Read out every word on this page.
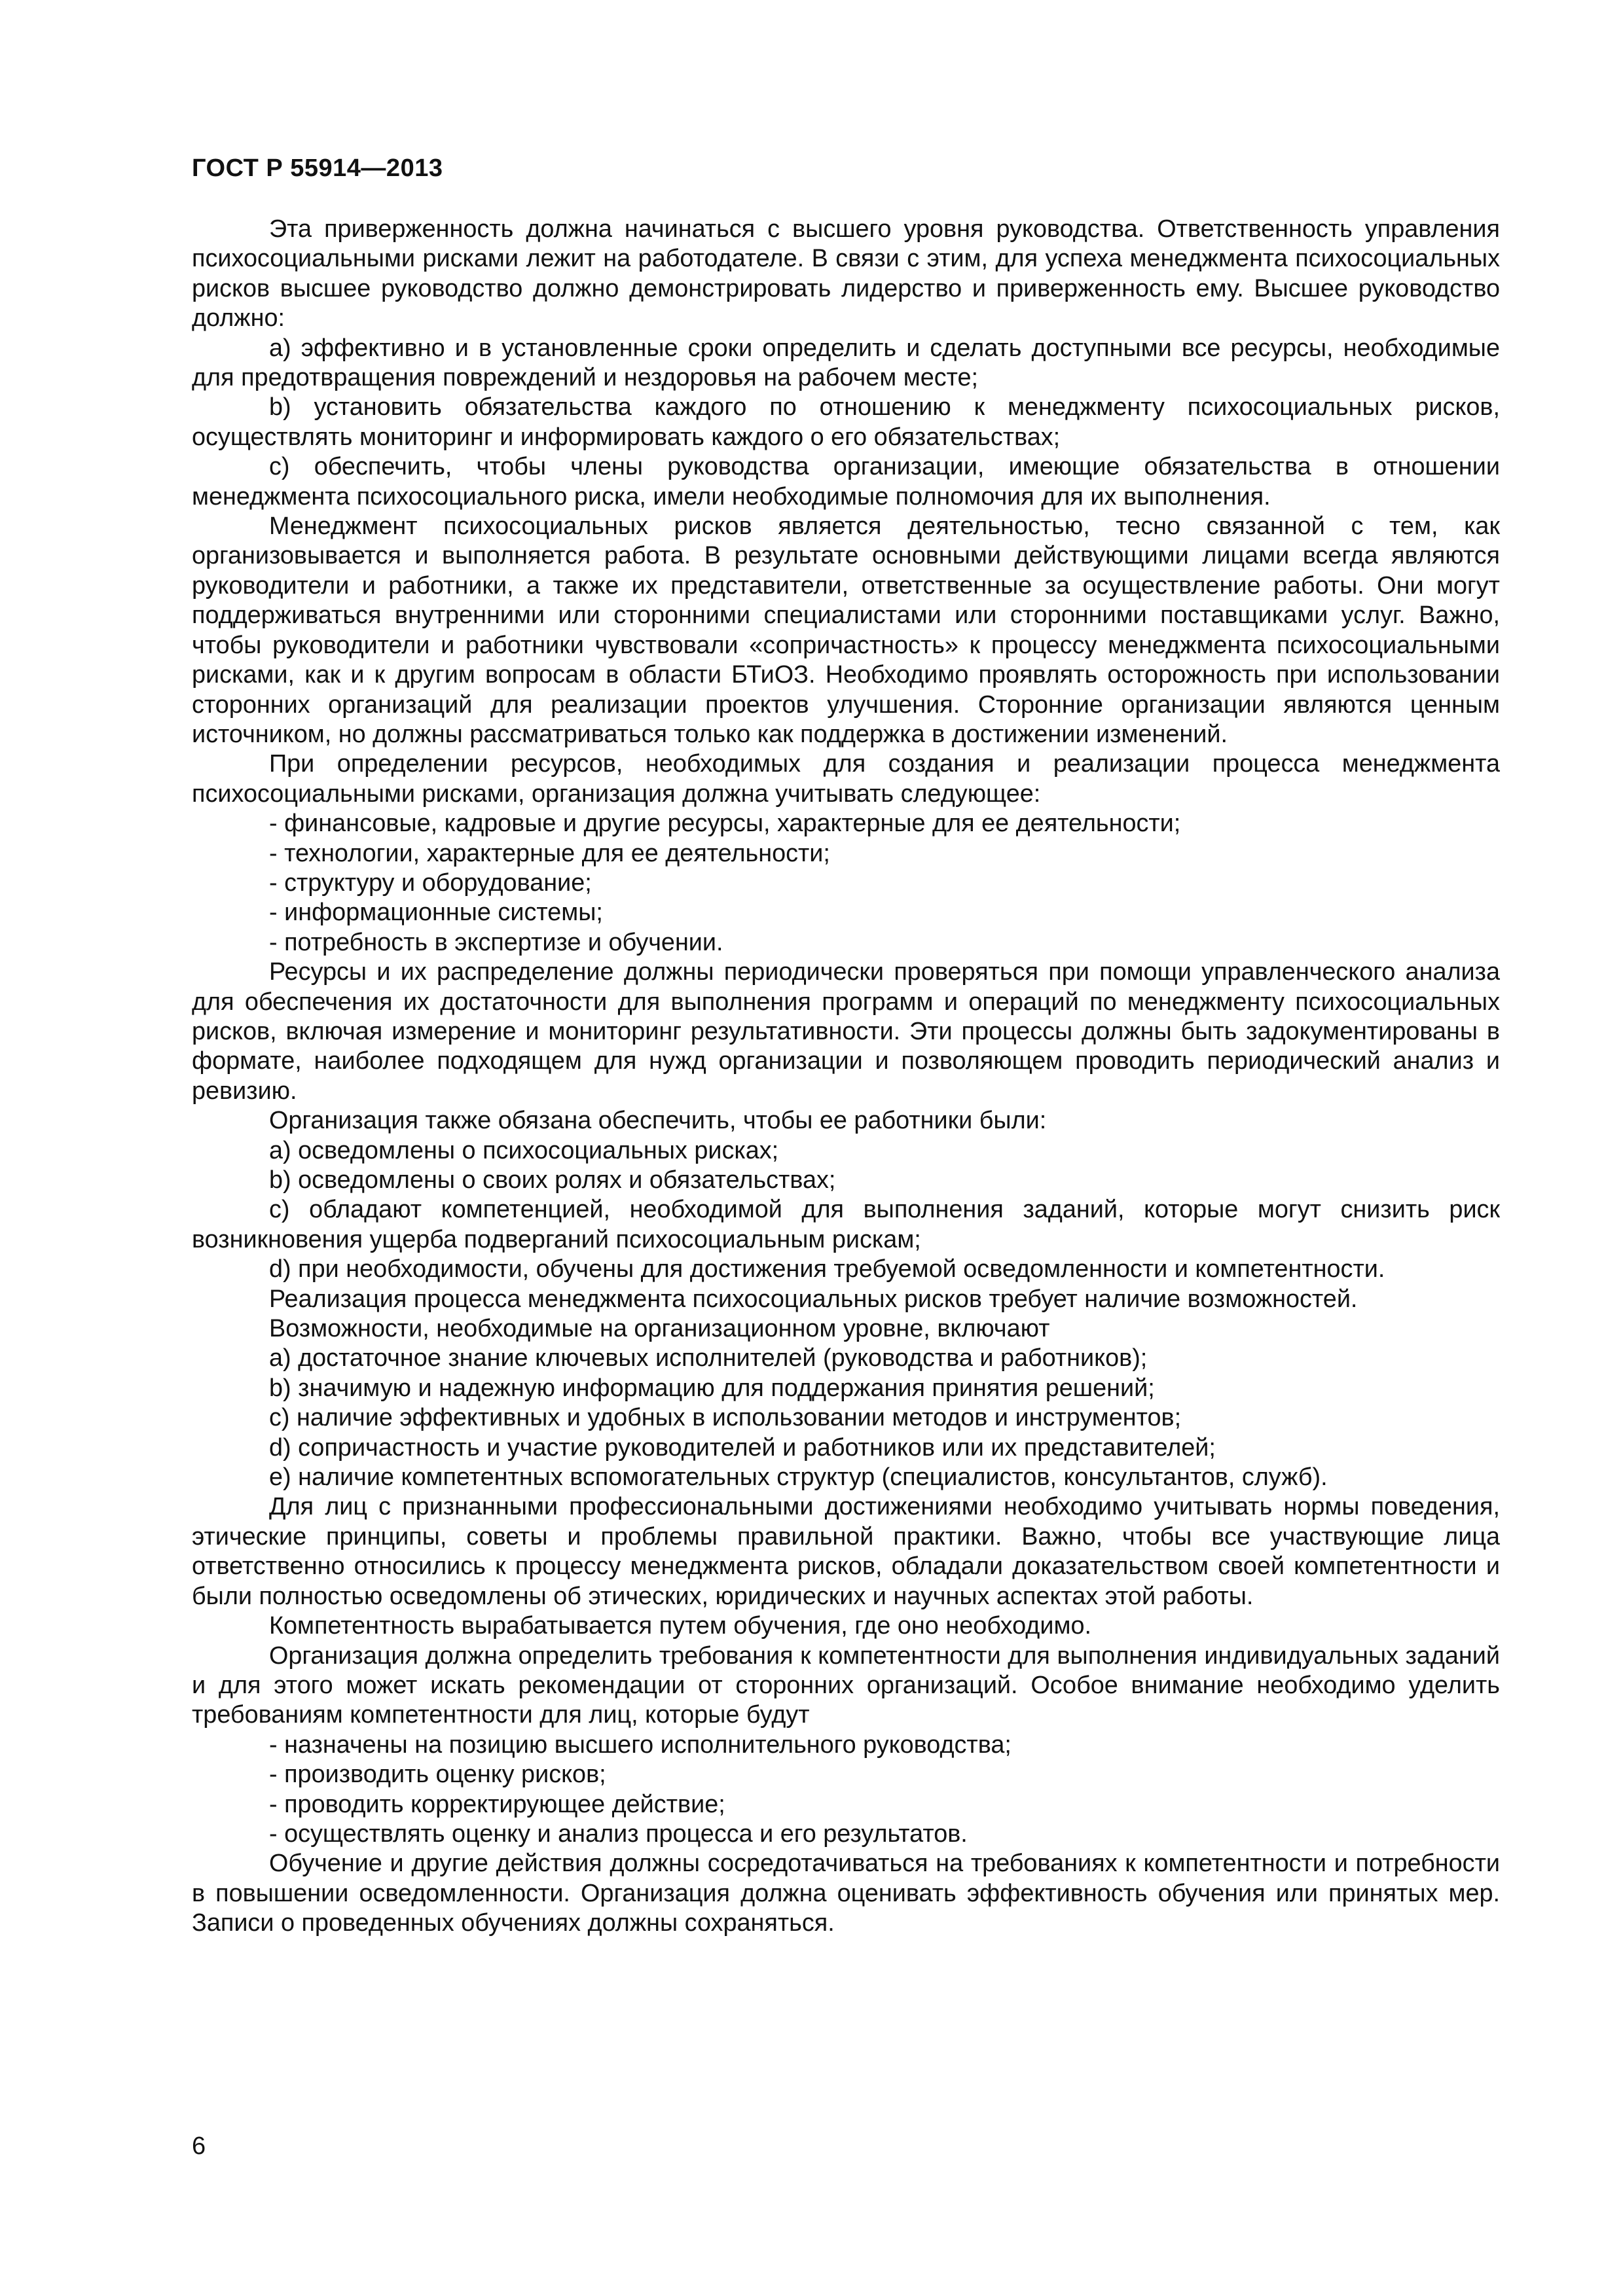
ГОСТ Р 55914—2013

Эта приверженность должна начинаться с высшего уровня руководства. Ответственность управления психосоциальными рисками лежит на работодателе. В связи с этим, для успеха менеджмента психосоциальных рисков высшее руководство должно демонстрировать лидерство и приверженность ему. Высшее руководство должно:

a) эффективно и в установленные сроки определить и сделать доступными все ресурсы, необходимые для предотвращения повреждений и нездоровья на рабочем месте;

b) установить обязательства каждого по отношению к менеджменту психосоциальных рисков, осуществлять мониторинг и информировать каждого о его обязательствах;

c) обеспечить, чтобы члены руководства организации, имеющие обязательства в отношении менеджмента психосоциального риска, имели необходимые полномочия для их выполнения.

Менеджмент психосоциальных рисков является деятельностью, тесно связанной с тем, как организовывается и выполняется работа. В результате основными действующими лицами всегда являются руководители и работники, а также их представители, ответственные за осуществление работы. Они могут поддерживаться внутренними или сторонними специалистами или сторонними поставщиками услуг. Важно, чтобы руководители и работники чувствовали «сопричастность» к процессу менеджмента психосоциальными рисками, как и к другим вопросам в области БТиОЗ. Необходимо проявлять осторожность при использовании сторонних организаций для реализации проектов улучшения. Сторонние организации являются ценным источником, но должны рассматриваться только как поддержка в достижении изменений.

При определении ресурсов, необходимых для создания и реализации процесса менеджмента психосоциальными рисками, организация должна учитывать следующее:

- финансовые, кадровые и другие ресурсы, характерные для ее деятельности;

- технологии, характерные для ее деятельности;

- структуру и оборудование;

- информационные системы;

- потребность в экспертизе и обучении.

Ресурсы и их распределение должны периодически проверяться при помощи управленческого анализа для обеспечения их достаточности для выполнения программ и операций по менеджменту психосоциальных рисков, включая измерение и мониторинг результативности. Эти процессы должны быть задокументированы в формате, наиболее подходящем для нужд организации и позволяющем проводить периодический анализ и ревизию.

Организация также обязана обеспечить, чтобы ее работники были:

a) осведомлены о психосоциальных рисках;

b) осведомлены о своих ролях и обязательствах;

c) обладают компетенцией, необходимой для выполнения заданий, которые могут снизить риск возникновения ущерба подверганий психосоциальным рискам;

d) при необходимости, обучены для достижения требуемой осведомленности и компетентности.

Реализация процесса менеджмента психосоциальных рисков требует наличие возможностей.

Возможности, необходимые на организационном уровне, включают

a) достаточное знание ключевых исполнителей (руководства и работников);

b) значимую и надежную информацию для поддержания принятия решений;

c) наличие эффективных и удобных в использовании методов и инструментов;

d) сопричастность и участие руководителей и работников или их представителей;

e) наличие компетентных вспомогательных структур (специалистов, консультантов, служб).

Для лиц с признанными профессиональными достижениями необходимо учитывать нормы поведения, этические принципы, советы и проблемы правильной практики. Важно, чтобы все участвующие лица ответственно относились к процессу менеджмента рисков, обладали доказательством своей компетентности и были полностью осведомлены об этических, юридических и научных аспектах этой работы.

Компетентность вырабатывается путем обучения, где оно необходимо.

Организация должна определить требования к компетентности для выполнения индивидуальных заданий и для этого может искать рекомендации от сторонних организаций. Особое внимание необходимо уделить требованиям компетентности для лиц, которые будут

- назначены на позицию высшего исполнительного руководства;

- производить оценку рисков;

- проводить корректирующее действие;

- осуществлять оценку и анализ процесса и его результатов.

Обучение и другие действия должны сосредотачиваться на требованиях к компетентности и потребности в повышении осведомленности. Организация должна оценивать эффективность обучения или принятых мер. Записи о проведенных обучениях должны сохраняться.

6
